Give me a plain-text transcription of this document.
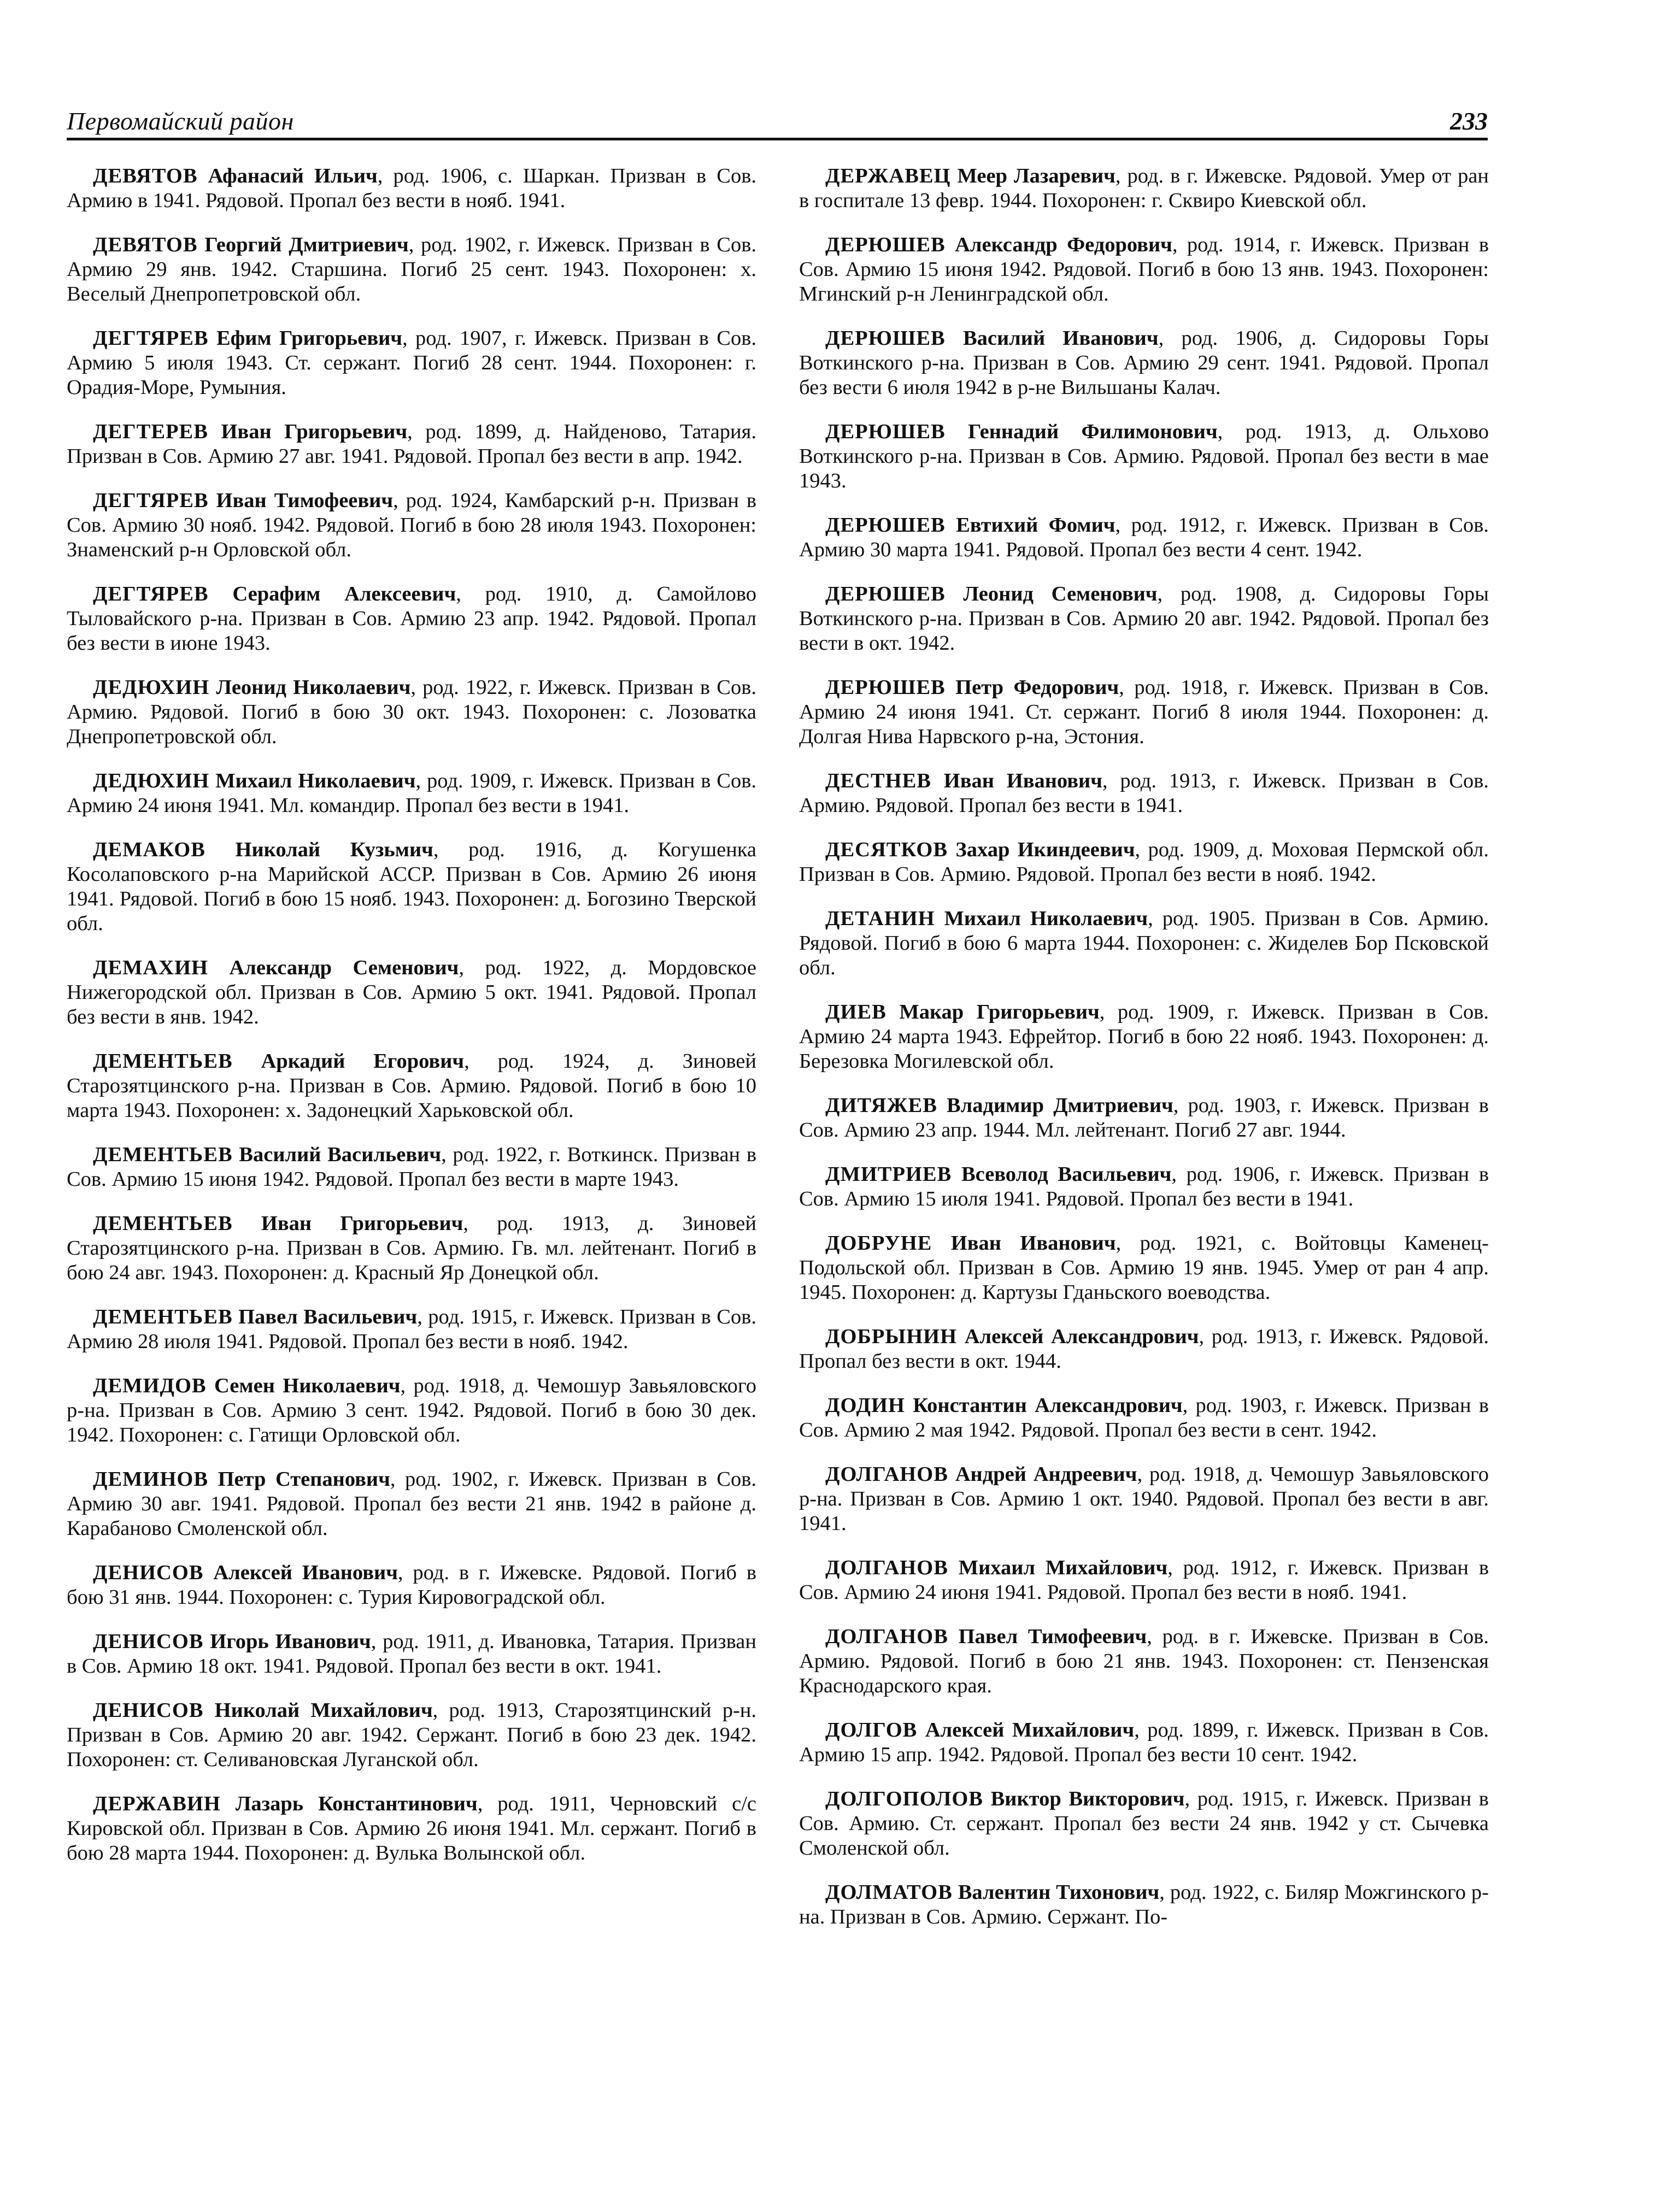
Первомайский район	233

ДЕВЯТОВ Афанасий Ильич, род. 1906, с. Шаркан. Призван в Сов. Армию в 1941. Рядовой. Пропал без вести в нояб. 1941.

ДЕВЯТОВ Георгий Дмитриевич, род. 1902, г. Ижевск. Призван в Сов. Армию 29 янв. 1942. Старшина. Погиб 25 сент. 1943. Похоронен: х. Веселый Днепропетровской обл.

ДЕГТЯРЕВ Ефим Григорьевич, род. 1907, г. Ижевск. Призван в Сов. Армию 5 июля 1943. Ст. сержант. Погиб 28 сент. 1944. Похоронен: г. Орадия-Море, Румыния.

ДЕГТЕРЕВ Иван Григорьевич, род. 1899, д. Найденово, Татария. Призван в Сов. Армию 27 авг. 1941. Рядовой. Пропал без вести в апр. 1942.

ДЕГТЯРЕВ Иван Тимофеевич, род. 1924, Камбарский р-н. Призван в Сов. Армию 30 нояб. 1942. Рядовой. Погиб в бою 28 июля 1943. Похоронен: Знаменский р-н Орловской обл.

ДЕГТЯРЕВ Серафим Алексеевич, род. 1910, д. Самойлово Тыловайского р-на. Призван в Сов. Армию 23 апр. 1942. Рядовой. Пропал без вести в июне 1943.

ДЕДЮХИН Леонид Николаевич, род. 1922, г. Ижевск. Призван в Сов. Армию. Рядовой. Погиб в бою 30 окт. 1943. Похоронен: с. Лозоватка Днепропетровской обл.

ДЕДЮХИН Михаил Николаевич, род. 1909, г. Ижевск. Призван в Сов. Армию 24 июня 1941. Мл. командир. Пропал без вести в 1941.

ДЕМАКОВ Николай Кузьмич, род. 1916, д. Когушенка Косолаповского р-на Марийской АССР. Призван в Сов. Армию 26 июня 1941. Рядовой. Погиб в бою 15 нояб. 1943. Похоронен: д. Богозино Тверской обл.

ДЕМАХИН Александр Семенович, род. 1922, д. Мордовское Нижегородской обл. Призван в Сов. Армию 5 окт. 1941. Рядовой. Пропал без вести в янв. 1942.

ДЕМЕНТЬЕВ Аркадий Егорович, род. 1924, д. Зиновей Старозятцинского р-на. Призван в Сов. Армию. Рядовой. Погиб в бою 10 марта 1943. Похоронен: х. Задонецкий Харьковской обл.

ДЕМЕНТЬЕВ Василий Васильевич, род. 1922, г. Воткинск. Призван в Сов. Армию 15 июня 1942. Рядовой. Пропал без вести в марте 1943.

ДЕМЕНТЬЕВ Иван Григорьевич, род. 1913, д. Зиновей Старозятцинского р-на. Призван в Сов. Армию. Гв. мл. лейтенант. Погиб в бою 24 авг. 1943. Похоронен: д. Красный Яр Донецкой обл.

ДЕМЕНТЬЕВ Павел Васильевич, род. 1915, г. Ижевск. Призван в Сов. Армию 28 июля 1941. Рядовой. Пропал без вести в нояб. 1942.

ДЕМИДОВ Семен Николаевич, род. 1918, д. Чемошур Завьяловского р-на. Призван в Сов. Армию 3 сент. 1942. Рядовой. Погиб в бою 30 дек. 1942. Похоронен: с. Гатищи Орловской обл.

ДЕМИНОВ Петр Степанович, род. 1902, г. Ижевск. Призван в Сов. Армию 30 авг. 1941. Рядовой. Пропал без вести 21 янв. 1942 в районе д. Карабаново Смоленской обл.

ДЕНИСОВ Алексей Иванович, род. в г. Ижевске. Рядовой. Погиб в бою 31 янв. 1944. Похоронен: с. Турия Кировоградской обл.

ДЕНИСОВ Игорь Иванович, род. 1911, д. Ивановка, Татария. Призван в Сов. Армию 18 окт. 1941. Рядовой. Пропал без вести в окт. 1941.

ДЕНИСОВ Николай Михайлович, род. 1913, Старозятцинский р-н. Призван в Сов. Армию 20 авг. 1942. Сержант. Погиб в бою 23 дек. 1942. Похоронен: ст. Селивановская Луганской обл.

ДЕРЖАВИН Лазарь Константинович, род. 1911, Черновский с/с Кировской обл. Призван в Сов. Армию 26 июня 1941. Мл. сержант. Погиб в бою 28 марта 1944. Похоронен: д. Вулька Волынской обл.

ДЕРЖАВЕЦ Меер Лазаревич, род. в г. Ижевске. Рядовой. Умер от ран в госпитале 13 февр. 1944. Похоронен: г. Сквиро Киевской обл.

ДЕРЮШЕВ Александр Федорович, род. 1914, г. Ижевск. Призван в Сов. Армию 15 июня 1942. Рядовой. Погиб в бою 13 янв. 1943. Похоронен: Мгинский р-н Ленинградской обл.

ДЕРЮШЕВ Василий Иванович, род. 1906, д. Сидоровы Горы Воткинского р-на. Призван в Сов. Армию 29 сент. 1941. Рядовой. Пропал без вести 6 июля 1942 в р-не Вильшаны Калач.

ДЕРЮШЕВ Геннадий Филимонович, род. 1913, д. Ольхово Воткинского р-на. Призван в Сов. Армию. Рядовой. Пропал без вести в мае 1943.

ДЕРЮШЕВ Евтихий Фомич, род. 1912, г. Ижевск. Призван в Сов. Армию 30 марта 1941. Рядовой. Пропал без вести 4 сент. 1942.

ДЕРЮШЕВ Леонид Семенович, род. 1908, д. Сидоровы Горы Воткинского р-на. Призван в Сов. Армию 20 авг. 1942. Рядовой. Пропал без вести в окт. 1942.

ДЕРЮШЕВ Петр Федорович, род. 1918, г. Ижевск. Призван в Сов. Армию 24 июня 1941. Ст. сержант. Погиб 8 июля 1944. Похоронен: д. Долгая Нива Нарвского р-на, Эстония.

ДЕСТНЕВ Иван Иванович, род. 1913, г. Ижевск. Призван в Сов. Армию. Рядовой. Пропал без вести в 1941.

ДЕСЯТКОВ Захар Икиндеевич, род. 1909, д. Моховая Пермской обл. Призван в Сов. Армию. Рядовой. Пропал без вести в нояб. 1942.

ДЕТАНИН Михаил Николаевич, род. 1905. Призван в Сов. Армию. Рядовой. Погиб в бою 6 марта 1944. Похоронен: с. Жиделев Бор Псковской обл.

ДИЕВ Макар Григорьевич, род. 1909, г. Ижевск. Призван в Сов. Армию 24 марта 1943. Ефрейтор. Погиб в бою 22 нояб. 1943. Похоронен: д. Березовка Могилевской обл.

ДИТЯЖЕВ Владимир Дмитриевич, род. 1903, г. Ижевск. Призван в Сов. Армию 23 апр. 1944. Мл. лейтенант. Погиб 27 авг. 1944.

ДМИТРИЕВ Всеволод Васильевич, род. 1906, г. Ижевск. Призван в Сов. Армию 15 июля 1941. Рядовой. Пропал без вести в 1941.

ДОБРУНЕ Иван Иванович, род. 1921, с. Войтовцы Каменец-Подольской обл. Призван в Сов. Армию 19 янв. 1945. Умер от ран 4 апр. 1945. Похоронен: д. Картузы Гданьского воеводства.

ДОБРЫНИН Алексей Александрович, род. 1913, г. Ижевск. Рядовой. Пропал без вести в окт. 1944.

ДОДИН Константин Александрович, род. 1903, г. Ижевск. Призван в Сов. Армию 2 мая 1942. Рядовой. Пропал без вести в сент. 1942.

ДОЛГАНОВ Андрей Андреевич, род. 1918, д. Чемошур Завьяловского р-на. Призван в Сов. Армию 1 окт. 1940. Рядовой. Пропал без вести в авг. 1941.

ДОЛГАНОВ Михаил Михайлович, род. 1912, г. Ижевск. Призван в Сов. Армию 24 июня 1941. Рядовой. Пропал без вести в нояб. 1941.

ДОЛГАНОВ Павел Тимофеевич, род. в г. Ижевске. Призван в Сов. Армию. Рядовой. Погиб в бою 21 янв. 1943. Похоронен: ст. Пензенская Краснодарского края.

ДОЛГОВ Алексей Михайлович, род. 1899, г. Ижевск. Призван в Сов. Армию 15 апр. 1942. Рядовой. Пропал без вести 10 сент. 1942.

ДОЛГОПОЛОВ Виктор Викторович, род. 1915, г. Ижевск. Призван в Сов. Армию. Ст. сержант. Пропал без вести 24 янв. 1942 у ст. Сычевка Смоленской обл.

ДОЛМАТОВ Валентин Тихонович, род. 1922, с. Биляр Можгинского р-на. Призван в Сов. Армию. Сержант. По-
